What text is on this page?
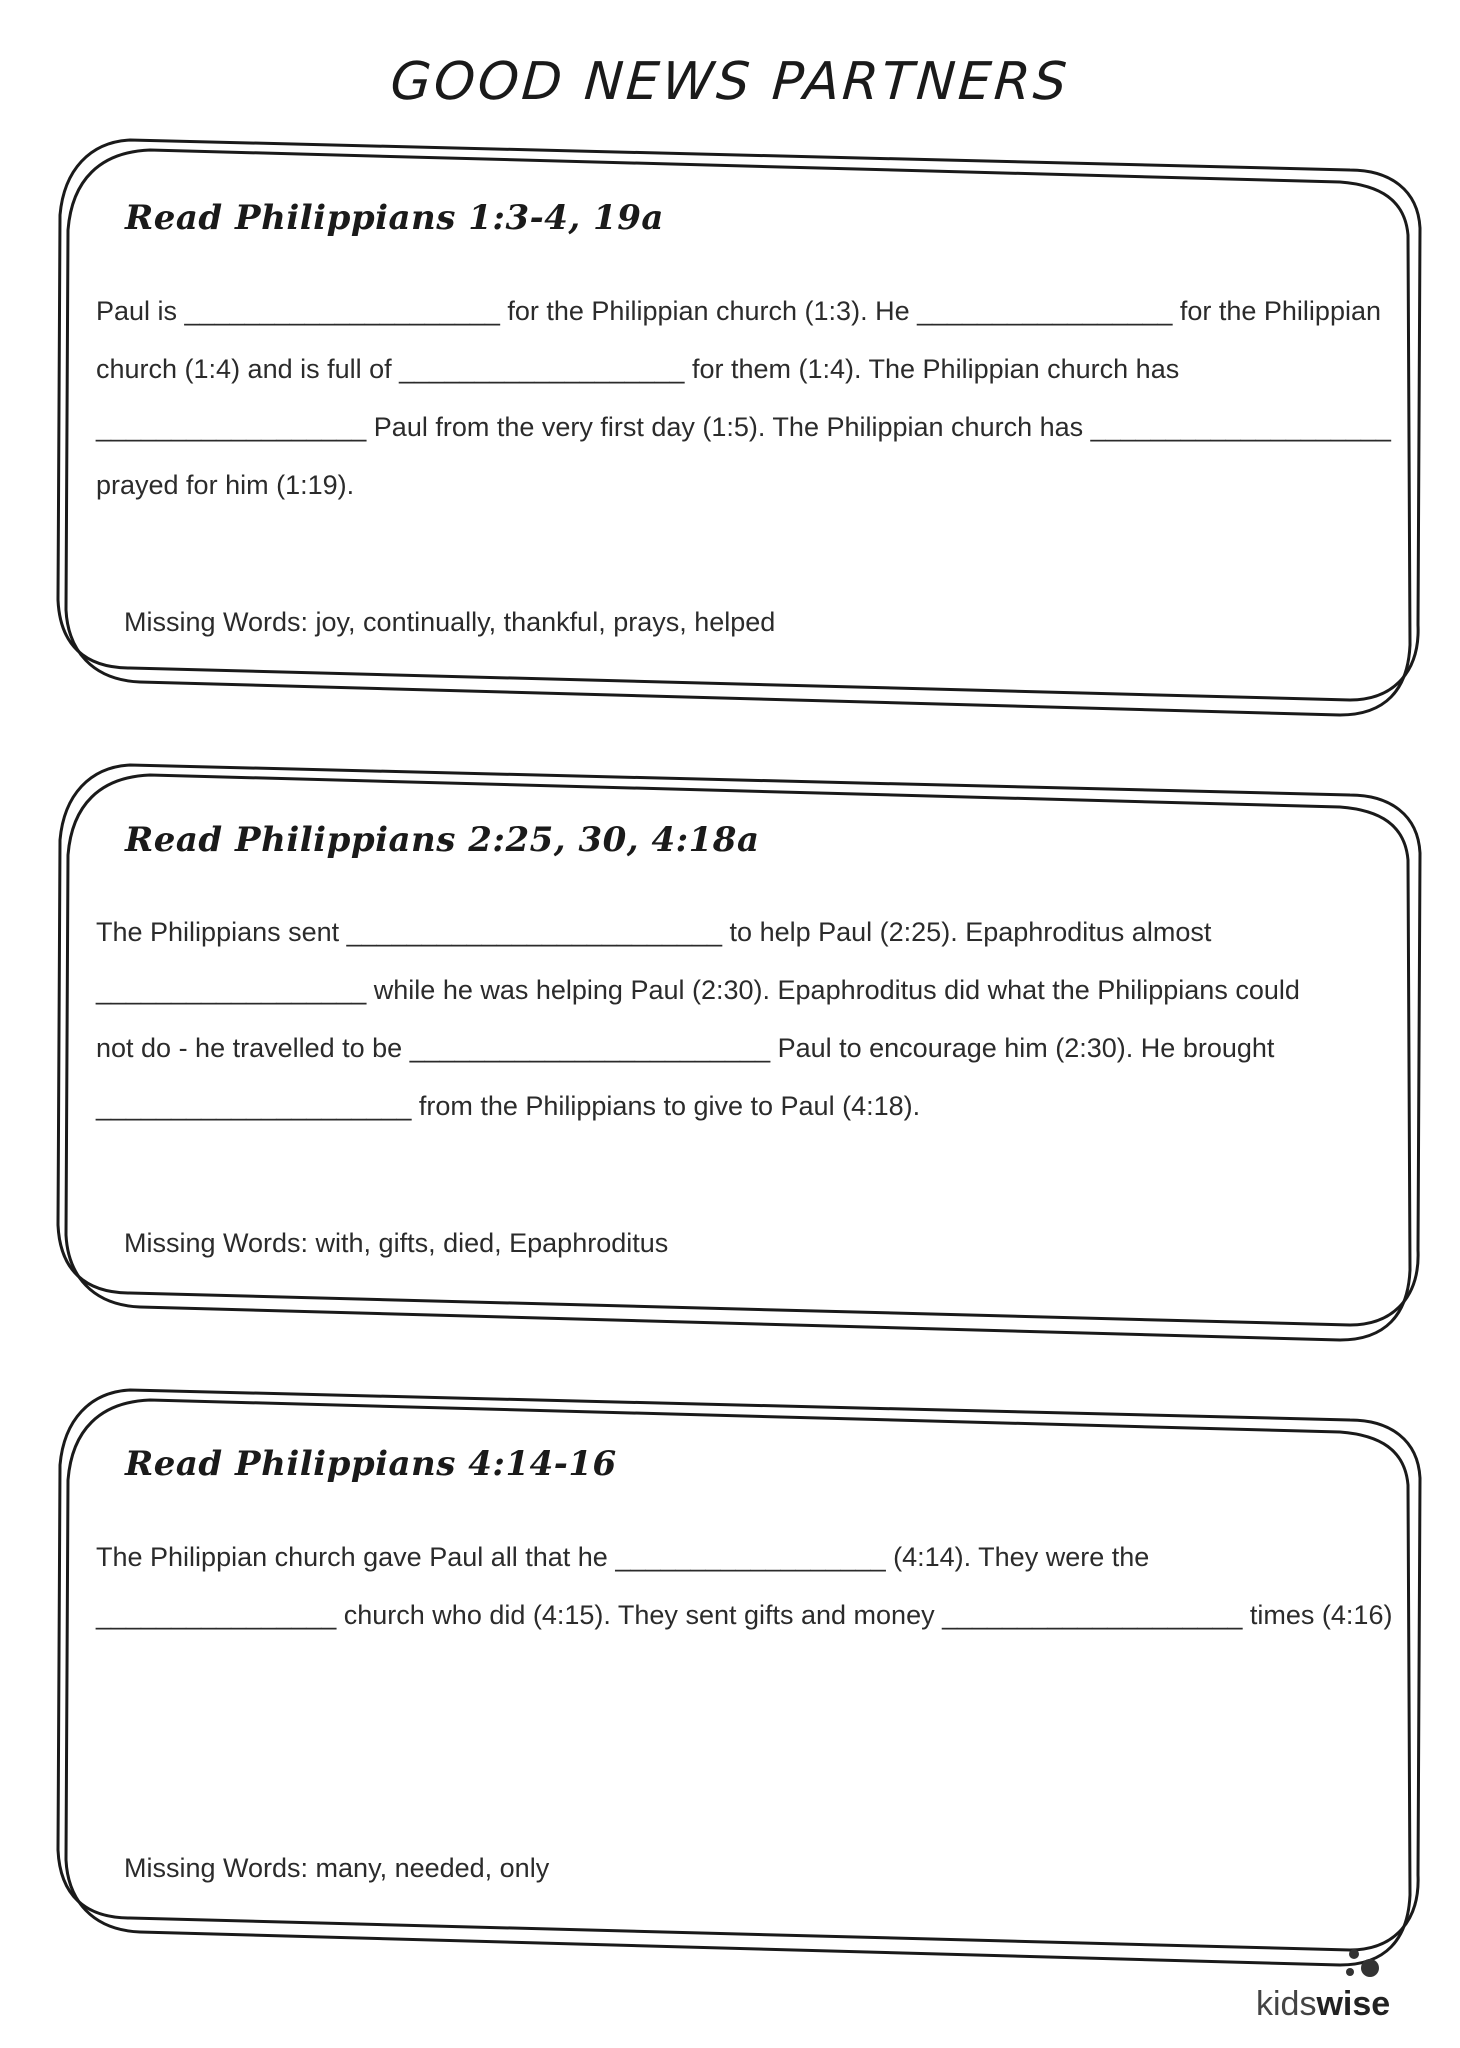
GOOD NEWS PARTNERS
Read Philippians 1:3-4, 19a
Paul is _____________________ for the Philippian church (1:3). He _________________ for the Philippian
church (1:4) and is full of ___________________ for them (1:4). The Philippian church has
__________________ Paul from the very first day (1:5). The Philippian church has ____________________
prayed for him (1:19).

Missing Words: joy, continually, thankful, prays, helped

Read Philippians 2:25, 30, 4:18a
The Philippians sent _________________________ to help Paul (2:25). Epaphroditus almost
__________________ while he was helping Paul (2:30). Epaphroditus did what the Philippians could
not do - he travelled to be ________________________ Paul to encourage him (2:30). He brought
_____________________ from the Philippians to give to Paul (4:18).

Missing Words: with, gifts, died, Epaphroditus

Read Philippians 4:14-16
The Philippian church gave Paul all that he __________________ (4:14). They were the
________________ church who did (4:15). They sent gifts and money ____________________ times (4:16)

Missing Words: many, needed, only

kidswise
